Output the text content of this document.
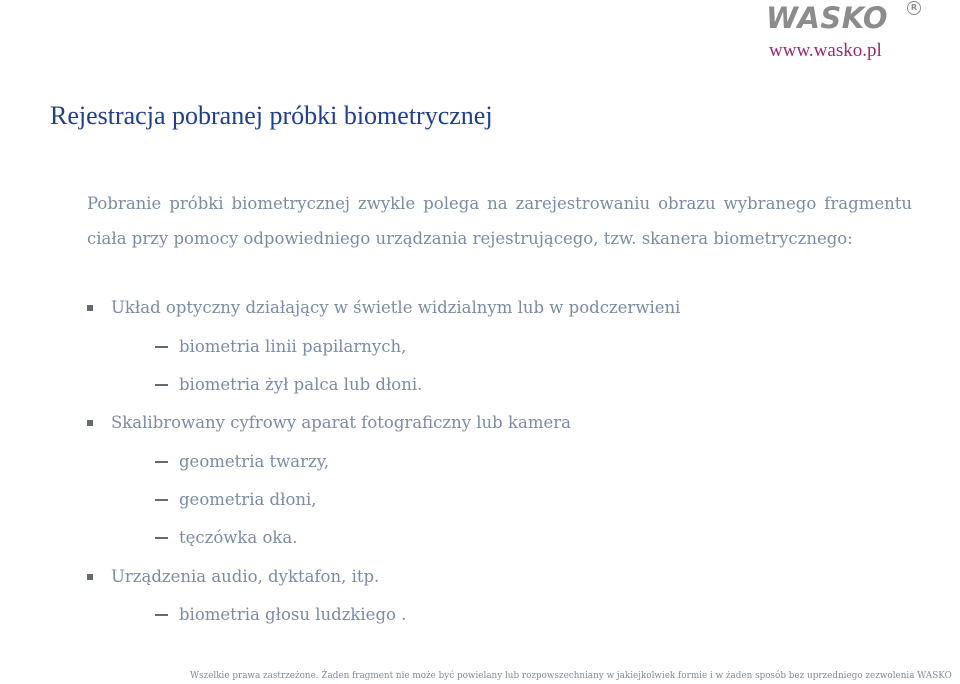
WASKO	R
www.wasko.pl
Rejestracja pobranej próbki biometrycznej

Pobranie próbki biometrycznej zwykle polega na zarejestrowaniu obrazu wybranego fragmentu ciała przy pomocy odpowiedniego urządzania rejestrującego, tzw. skanera biometrycznego:

Układ optyczny działający w świetle widzialnym lub w podczerwieni
biometria linii papilarnych,
biometria żył palca lub dłoni.
Skalibrowany cyfrowy aparat fotograficzny lub kamera
geometria twarzy,
geometria dłoni,
tęczówka oka.
Urządzenia audio, dyktafon, itp.
biometria głosu ludzkiego .
Wszelkie prawa zastrzeżone. Żaden fragment nie może być powielany lub rozpowszechniany w jakiejkolwiek formie i w żaden sposób bez uprzedniego zezwolenia WASKO
